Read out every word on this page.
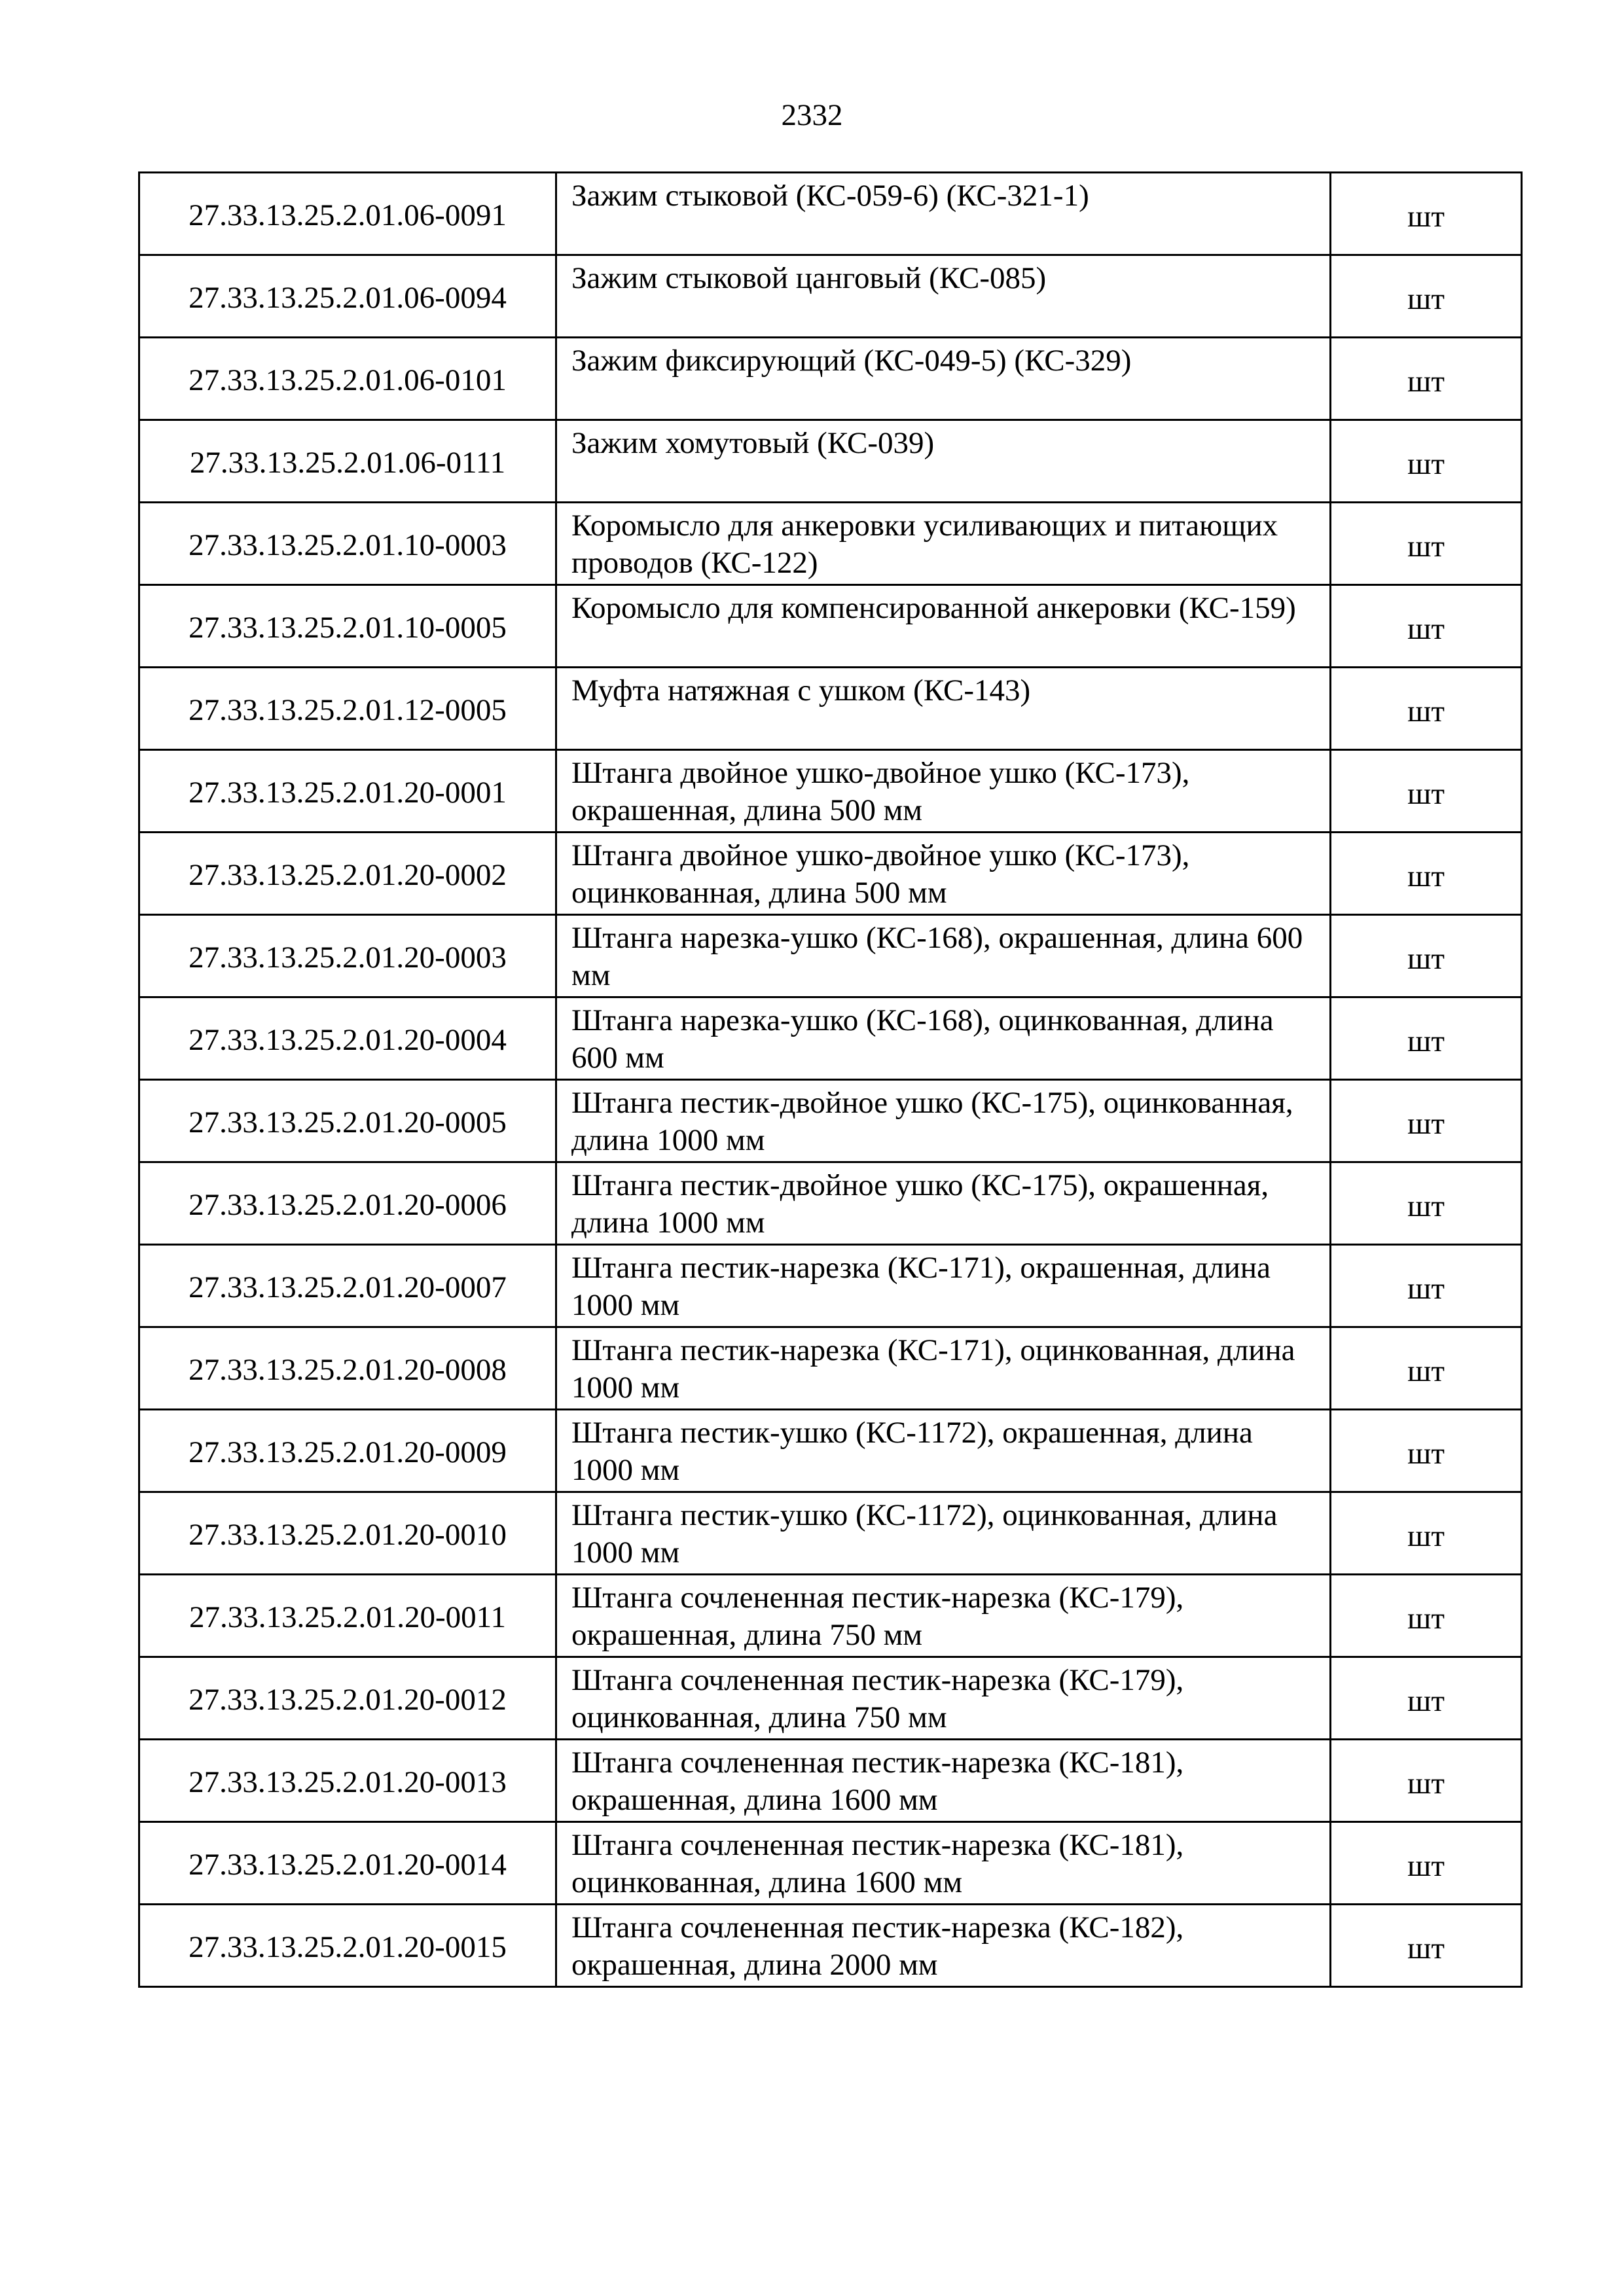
2332
27.33.13.25.2.01.06-0091	Зажим стыковой (КС-059-6) (КС-321-1)	шт
27.33.13.25.2.01.06-0094	Зажим стыковой цанговый (КС-085)	шт
27.33.13.25.2.01.06-0101	Зажим фиксирующий (КС-049-5) (КС-329)	шт
27.33.13.25.2.01.06-0111	Зажим хомутовый (КС-039)	шт
27.33.13.25.2.01.10-0003	Коромысло для анкеровки усиливающих и питающих проводов (КС-122)	шт
27.33.13.25.2.01.10-0005	Коромысло для компенсированной анкеровки (КС-159)	шт
27.33.13.25.2.01.12-0005	Муфта натяжная с ушком (КС-143)	шт
27.33.13.25.2.01.20-0001	Штанга двойное ушко-двойное ушко (КС-173), окрашенная, длина 500 мм	шт
27.33.13.25.2.01.20-0002	Штанга двойное ушко-двойное ушко (КС-173), оцинкованная, длина 500 мм	шт
27.33.13.25.2.01.20-0003	Штанга нарезка-ушко (КС-168), окрашенная, длина 600 мм	шт
27.33.13.25.2.01.20-0004	Штанга нарезка-ушко (КС-168), оцинкованная, длина 600 мм	шт
27.33.13.25.2.01.20-0005	Штанга пестик-двойное ушко (КС-175), оцинкованная, длина 1000 мм	шт
27.33.13.25.2.01.20-0006	Штанга пестик-двойное ушко (КС-175), окрашенная, длина 1000 мм	шт
27.33.13.25.2.01.20-0007	Штанга пестик-нарезка (КС-171), окрашенная, длина 1000 мм	шт
27.33.13.25.2.01.20-0008	Штанга пестик-нарезка (КС-171), оцинкованная, длина 1000 мм	шт
27.33.13.25.2.01.20-0009	Штанга пестик-ушко (КС-1172), окрашенная, длина 1000 мм	шт
27.33.13.25.2.01.20-0010	Штанга пестик-ушко (КС-1172), оцинкованная, длина 1000 мм	шт
27.33.13.25.2.01.20-0011	Штанга сочлененная пестик-нарезка (КС-179), окрашенная, длина 750 мм	шт
27.33.13.25.2.01.20-0012	Штанга сочлененная пестик-нарезка (КС-179), оцинкованная, длина 750 мм	шт
27.33.13.25.2.01.20-0013	Штанга сочлененная пестик-нарезка (КС-181), окрашенная, длина 1600 мм	шт
27.33.13.25.2.01.20-0014	Штанга сочлененная пестик-нарезка (КС-181), оцинкованная, длина 1600 мм	шт
27.33.13.25.2.01.20-0015	Штанга сочлененная пестик-нарезка (КС-182), окрашенная, длина 2000 мм	шт
